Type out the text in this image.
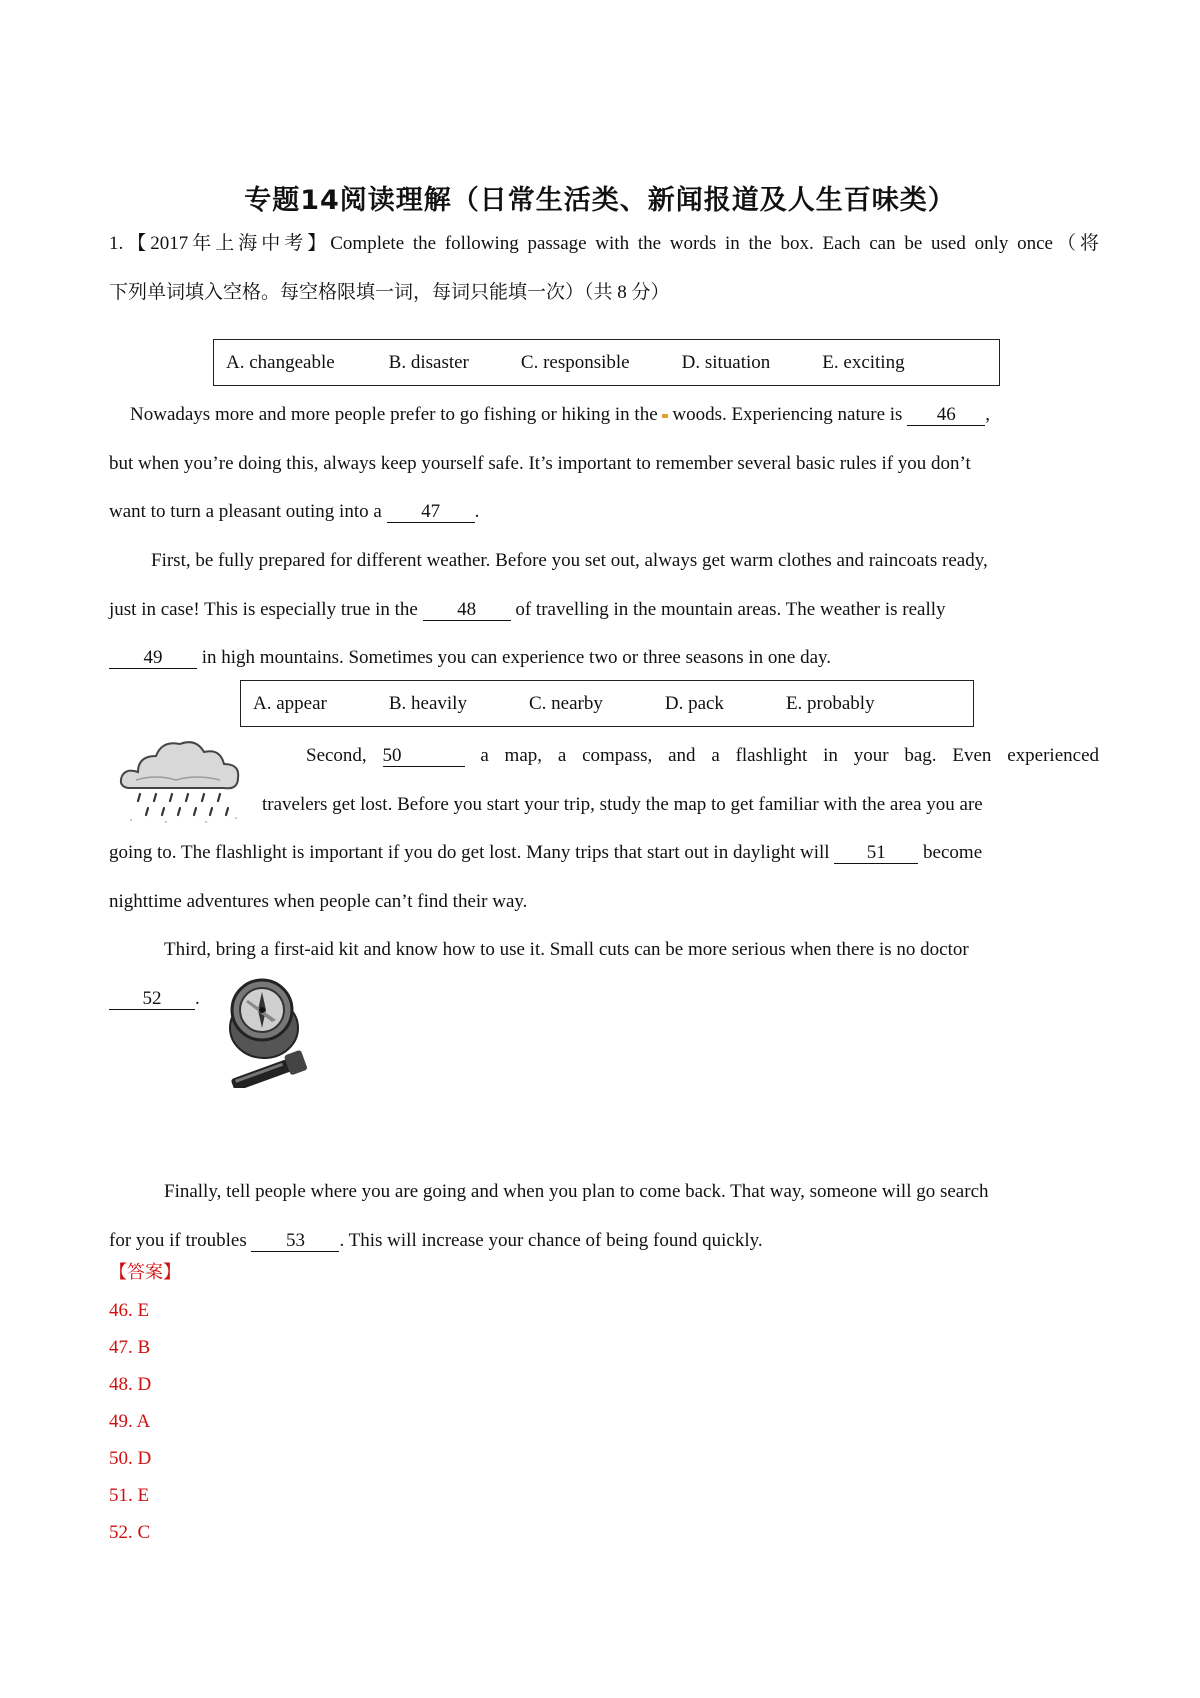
专题14阅读理解（日常生活类、新闻报道及人生百味类）
1.【2017年上海中考】Complete the following passage with the words in the box. Each can be used only once（将
下列单词填入空格。每空格限填一词，每词只能填一次）（共 8 分）
A. changeable	B. disaster	C. responsible	D. situation	E. exciting
Nowadays more and more people prefer to go fishing or hiking in the woods. Experiencing nature is 46 ,
but when you’re doing this, always keep yourself safe. It’s important to remember several basic rules if you don’t
want to turn a pleasant outing into a 47 .
First, be fully prepared for different weather. Before you set out, always get warm clothes and raincoats ready,
just in case! This is especially true in the 48 of travelling in the mountain areas. The weather is really
49 in high mountains. Sometimes you can experience two or three seasons in one day.
A. appear	B. heavily	C. nearby	D. pack	E. probably
Second, 50	a map, a compass, and a flashlight in your bag. Even experienced
travelers get lost. Before you start your trip, study the map to get familiar with the area you are
going to. The flashlight is important if you do get lost. Many trips that start out in daylight will 51 become
nighttime adventures when people can’t find their way.
Third, bring a first-aid kit and know how to use it. Small cuts can be more serious when there is no doctor
52 .
Finally, tell people where you are going and when you plan to come back. That way, someone will go search
for you if troubles 53 . This will increase your chance of being found quickly.
【答案】
46. E
47. B
48. D
49. A
50. D
51. E
52. C
